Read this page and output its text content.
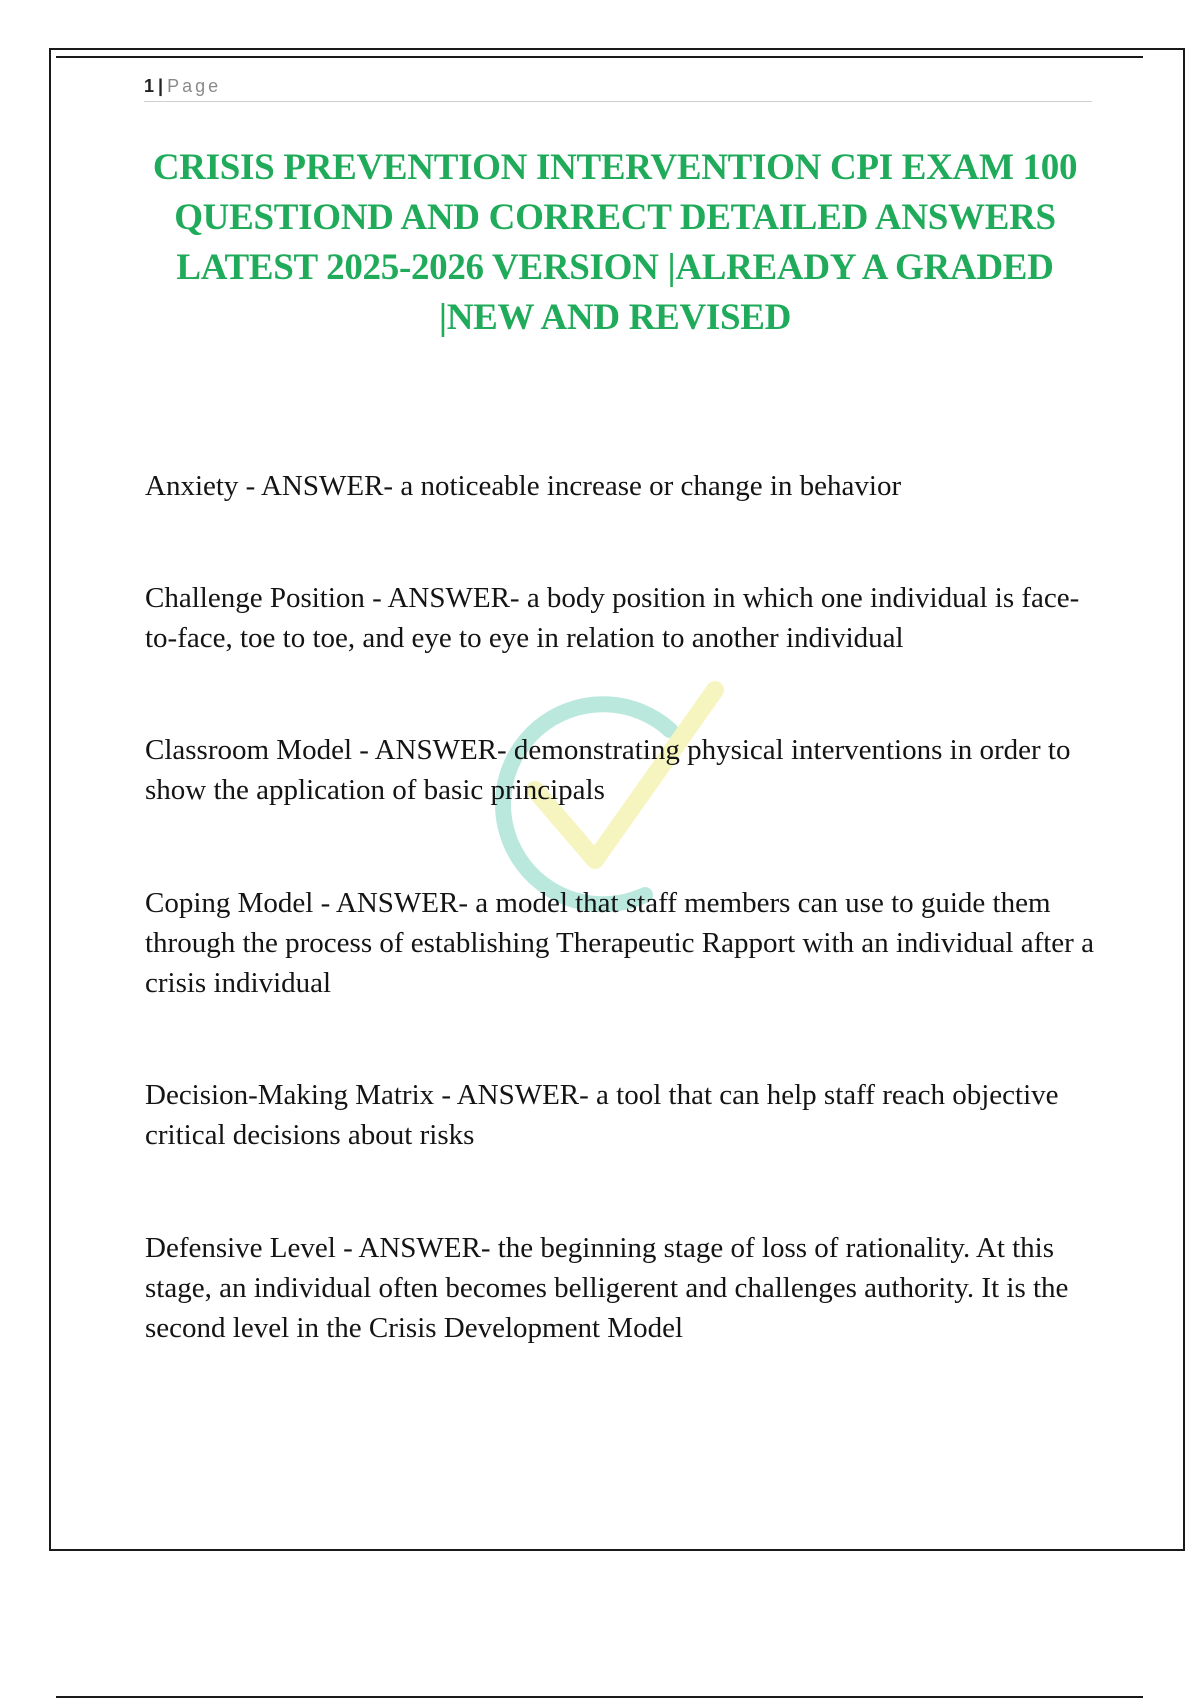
1 | Page
CRISIS PREVENTION INTERVENTION CPI EXAM 100 QUESTIOND AND CORRECT DETAILED ANSWERS LATEST 2025-2026 VERSION |ALREADY A GRADED |NEW AND REVISED
Anxiety - ANSWER- a noticeable increase or change in behavior
Challenge Position - ANSWER- a body position in which one individual is face-to-face, toe to toe, and eye to eye in relation to another individual
Classroom Model - ANSWER- demonstrating physical interventions in order to show the application of basic principals
Coping Model - ANSWER- a model that staff members can use to guide them through the process of establishing Therapeutic Rapport with an individual after a crisis individual
Decision-Making Matrix - ANSWER- a tool that can help staff reach objective critical decisions about risks
Defensive Level - ANSWER- the beginning stage of loss of rationality. At this stage, an individual often becomes belligerent and challenges authority. It is the second level in the Crisis Development Model
